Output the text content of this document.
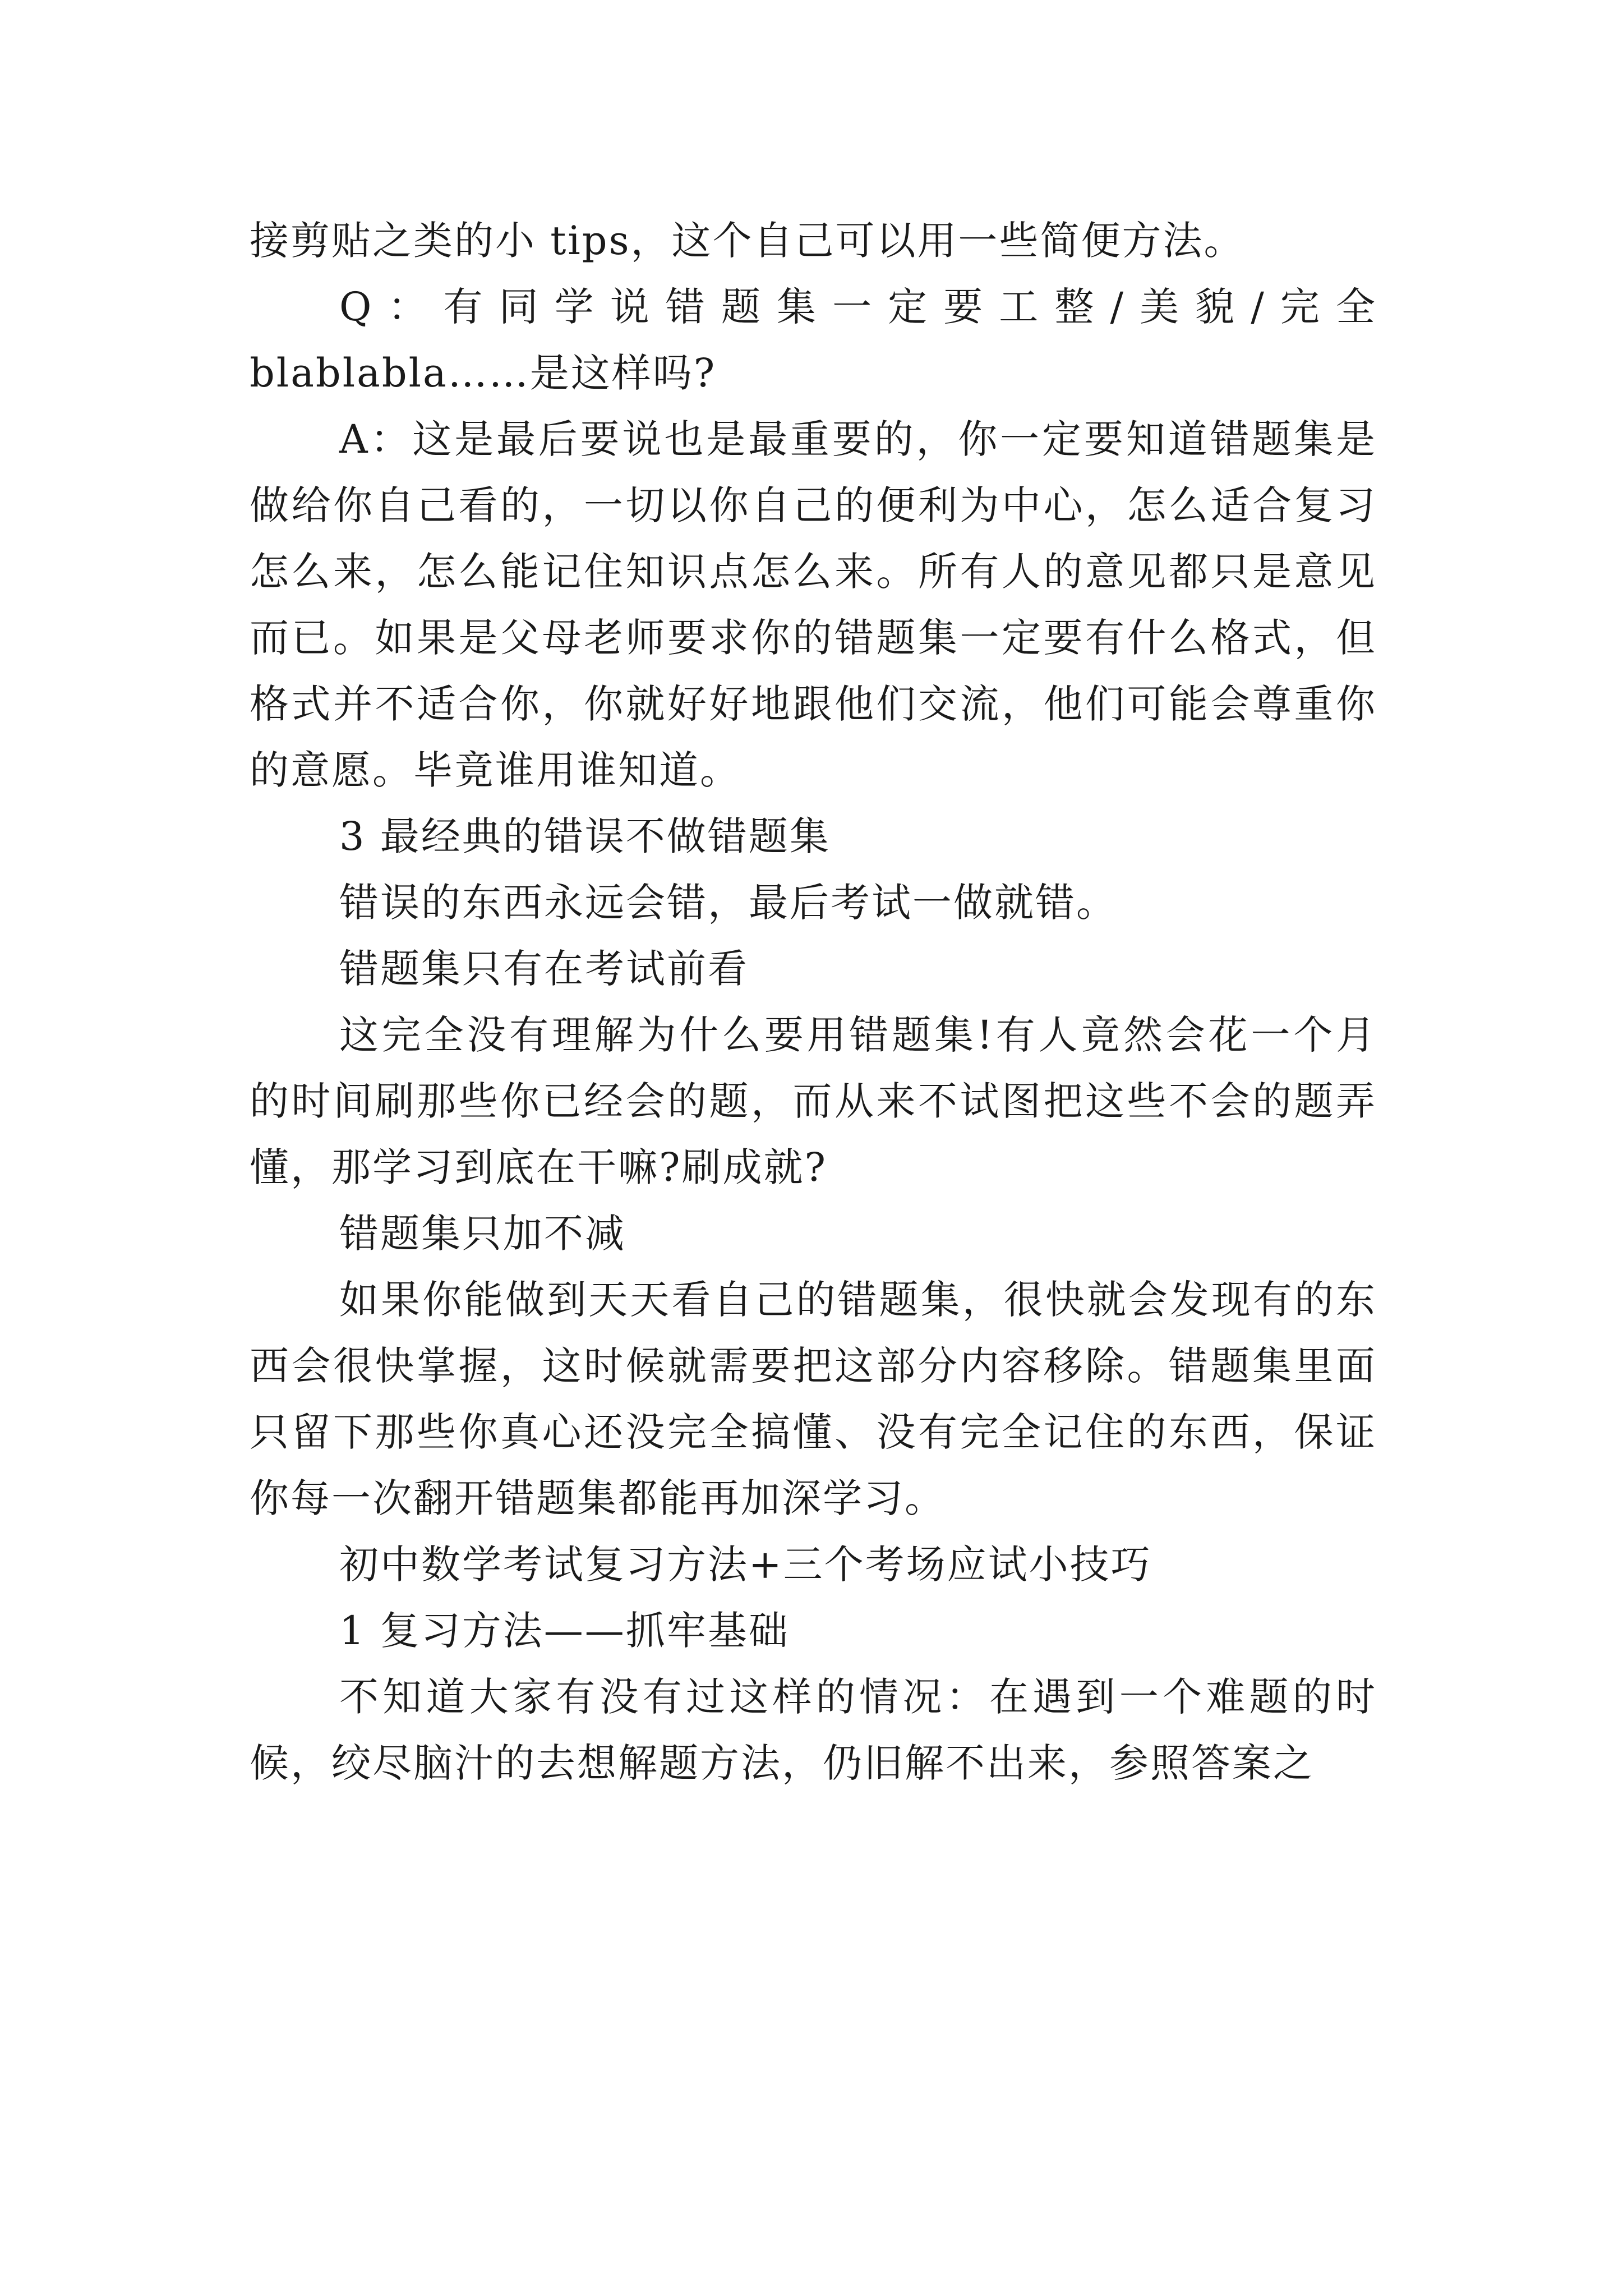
接剪贴之类的小 tips，这个自己可以用一些简便方法。

Q：有同学说错题集一定要工整/美貌/完全 blablabla……是这样吗?

A：这是最后要说也是最重要的，你一定要知道错题集是做给你自己看的，一切以你自己的便利为中心，怎么适合复习怎么来，怎么能记住知识点怎么来。所有人的意见都只是意见而已。如果是父母老师要求你的错题集一定要有什么格式，但格式并不适合你，你就好好地跟他们交流，他们可能会尊重你的意愿。毕竟谁用谁知道。

3 最经典的错误不做错题集

错误的东西永远会错，最后考试一做就错。

错题集只有在考试前看

这完全没有理解为什么要用错题集!有人竟然会花一个月的时间刷那些你已经会的题，而从来不试图把这些不会的题弄懂，那学习到底在干嘛?刷成就?

错题集只加不减

如果你能做到天天看自己的错题集，很快就会发现有的东西会很快掌握，这时候就需要把这部分内容移除。错题集里面只留下那些你真心还没完全搞懂、没有完全记住的东西，保证你每一次翻开错题集都能再加深学习。

初中数学考试复习方法+三个考场应试小技巧

1 复习方法——抓牢基础

不知道大家有没有过这样的情况：在遇到一个难题的时候，绞尽脑汁的去想解题方法，仍旧解不出来，参照答案之
